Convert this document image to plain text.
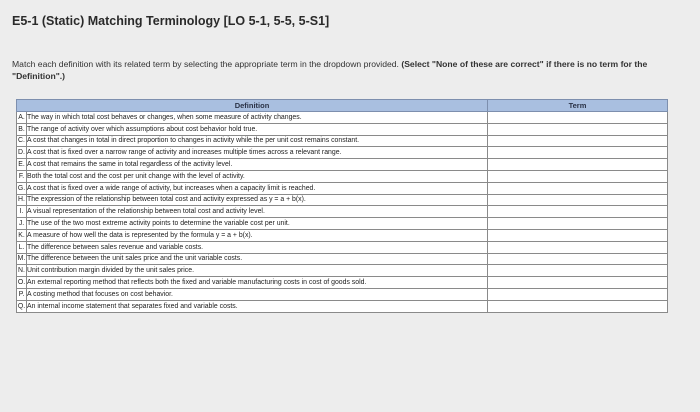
E5-1 (Static) Matching Terminology [LO 5-1, 5-5, 5-S1]
Match each definition with its related term by selecting the appropriate term in the dropdown provided. (Select "None of these are correct" if there is no term for the "Definition".)
Definition		Term
A.	The way in which total cost behaves or changes, when some measure of activity changes.	

B.	The range of activity over which assumptions about cost behavior hold true.	

C.	A cost that changes in total in direct proportion to changes in activity while the per unit cost remains constant.	

D.	A cost that is fixed over a narrow range of activity and increases multiple times across a relevant range.	

E.	A cost that remains the same in total regardless of the activity level.	

F.	Both the total cost and the cost per unit change with the level of activity.	

G.	A cost that is fixed over a wide range of activity, but increases when a capacity limit is reached.	

H.	The expression of the relationship between total cost and activity expressed as y = a + b(x).	

I.	A visual representation of the relationship between total cost and activity level.	

J.	The use of the two most extreme activity points to determine the variable cost per unit.	

K.	A measure of how well the data is represented by the formula y = a + b(x).	

L.	The difference between sales revenue and variable costs.	

M.	The difference between the unit sales price and the unit variable costs.	

N.	Unit contribution margin divided by the unit sales price.	

O.	An external reporting method that reflects both the fixed and variable manufacturing costs in cost of goods sold.	

P.	A costing method that focuses on cost behavior.	

Q.	An internal income statement that separates fixed and variable costs.	
